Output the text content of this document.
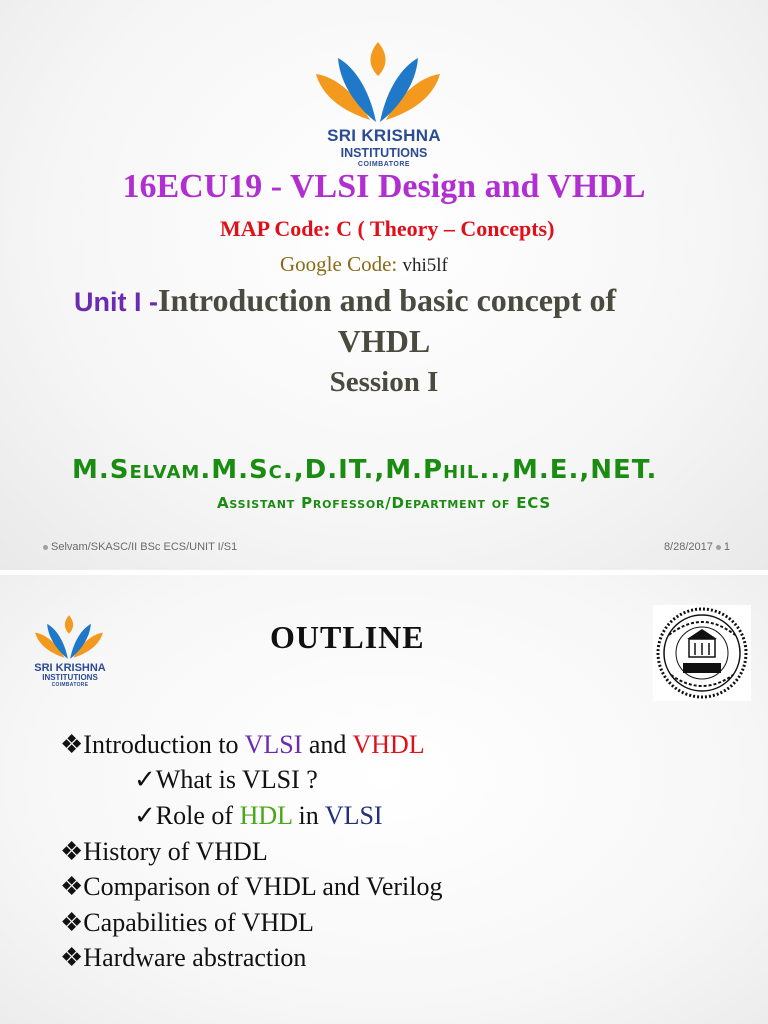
SRI KRISHNA
INSTITUTIONS
COIMBATORE
16ECU19 - VLSI Design and VHDL
MAP Code: C ( Theory – Concepts)
Google Code: vhi5lf
Unit I -Introduction and basic concept of
VHDL
Session I
M.Selvam.M.Sc.,D.IT.,M.Phil..,M.E.,NET.
Assistant Professor/Department of ECS
Selvam/SKASC/II BSc ECS/UNIT I/S1	8/28/2017 1
SRI KRISHNA
INSTITUTIONS
COIMBATORE
OUTLINE
❖Introduction to VLSI and VHDL
✓What is VLSI ?
✓Role of HDL in VLSI
❖History of VHDL
❖Comparison of VHDL and Verilog
❖Capabilities of VHDL
❖Hardware abstraction
